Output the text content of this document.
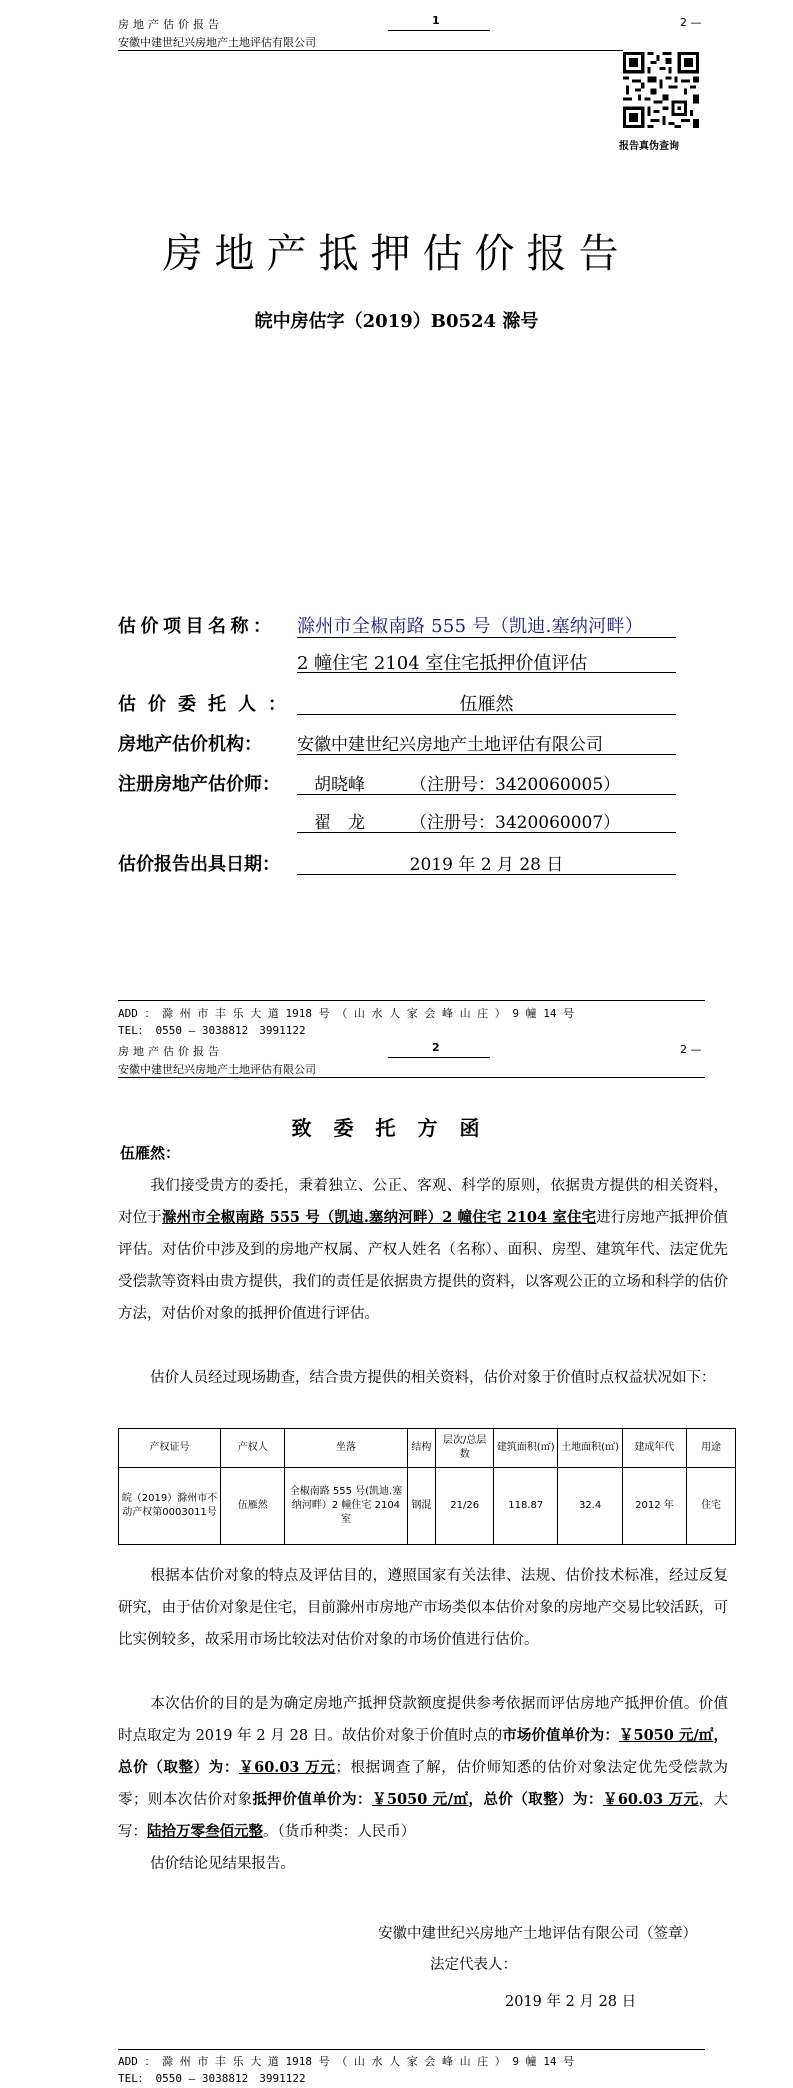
房地产估价报告	1	2 —
安徽中建世纪兴房地产土地评估有限公司
报告真伪查询
房地产抵押估价报告
皖中房估字（2019）B0524 滁号
估价项目名称： 滁州市全椒南路 555 号（凯迪.塞纳河畔）
2 幢住宅 2104 室住宅抵押价值评估
估价委托人：	伍雁然
房地产估价机构： 安徽中建世纪兴房地产土地评估有限公司
注册房地产估价师： 胡晓峰	（注册号：3420060005）
翟　龙	（注册号：3420060007）
估价报告出具日期：	2019 年 2 月 28 日
ADD ： 滁 州 市 丰 乐 大 道 1918 号 （ 山 水 人 家 会 峰 山 庄 ） 9 幢 14 号
TEL： 0550 — 3038812　3991122
房地产估价报告	2	2 —
安徽中建世纪兴房地产土地评估有限公司
致委托方函
伍雁然：
我们接受贵方的委托，秉着独立、公正、客观、科学的原则，依据贵方提供的相关资料，对位于滁州市全椒南路 555 号（凯迪.塞纳河畔）2 幢住宅 2104 室住宅进行房地产抵押价值评估。对估价中涉及到的房地产权属、产权人姓名（名称）、面积、房型、建筑年代、法定优先受偿款等资料由贵方提供，我们的责任是依据贵方提供的资料，以客观公正的立场和科学的估价方法，对估价对象的抵押价值进行评估。
估价人员经过现场勘查，结合贵方提供的相关资料，估价对象于价值时点权益状况如下：
产权证号	产权人	坐落	结构	层次/总层数	建筑面积(㎡)	土地面积(㎡)	建成年代	用途
皖（2019）滁州市不动产权第0003011号	伍雁然	全椒南路 555 号(凯迪.塞纳河畔）2 幢住宅 2104 室	钢混	21/26	118.87	32.4	2012 年	住宅
根据本估价对象的特点及评估目的，遵照国家有关法律、法规、估价技术标准，经过反复研究，由于估价对象是住宅，目前滁州市房地产市场类似本估价对象的房地产交易比较活跃，可比实例较多，故采用市场比较法对估价对象的市场价值进行估价。
本次估价的目的是为确定房地产抵押贷款额度提供参考依据而评估房地产抵押价值。价值时点取定为 2019 年 2 月 28 日。故估价对象于价值时点的市场价值单价为：￥5050 元/㎡，总价（取整）为：￥60.03 万元；根据调查了解，估价师知悉的估价对象法定优先受偿款为零；则本次估价对象抵押价值单价为：￥5050 元/㎡，总价（取整）为：￥60.03 万元，大写：陆拾万零叁佰元整。（货币种类：人民币）
估价结论见结果报告。
安徽中建世纪兴房地产土地评估有限公司（签章）
法定代表人：
2019 年 2 月 28 日
ADD ： 滁 州 市 丰 乐 大 道 1918 号 （ 山 水 人 家 会 峰 山 庄 ） 9 幢 14 号
TEL： 0550 — 3038812　3991122
